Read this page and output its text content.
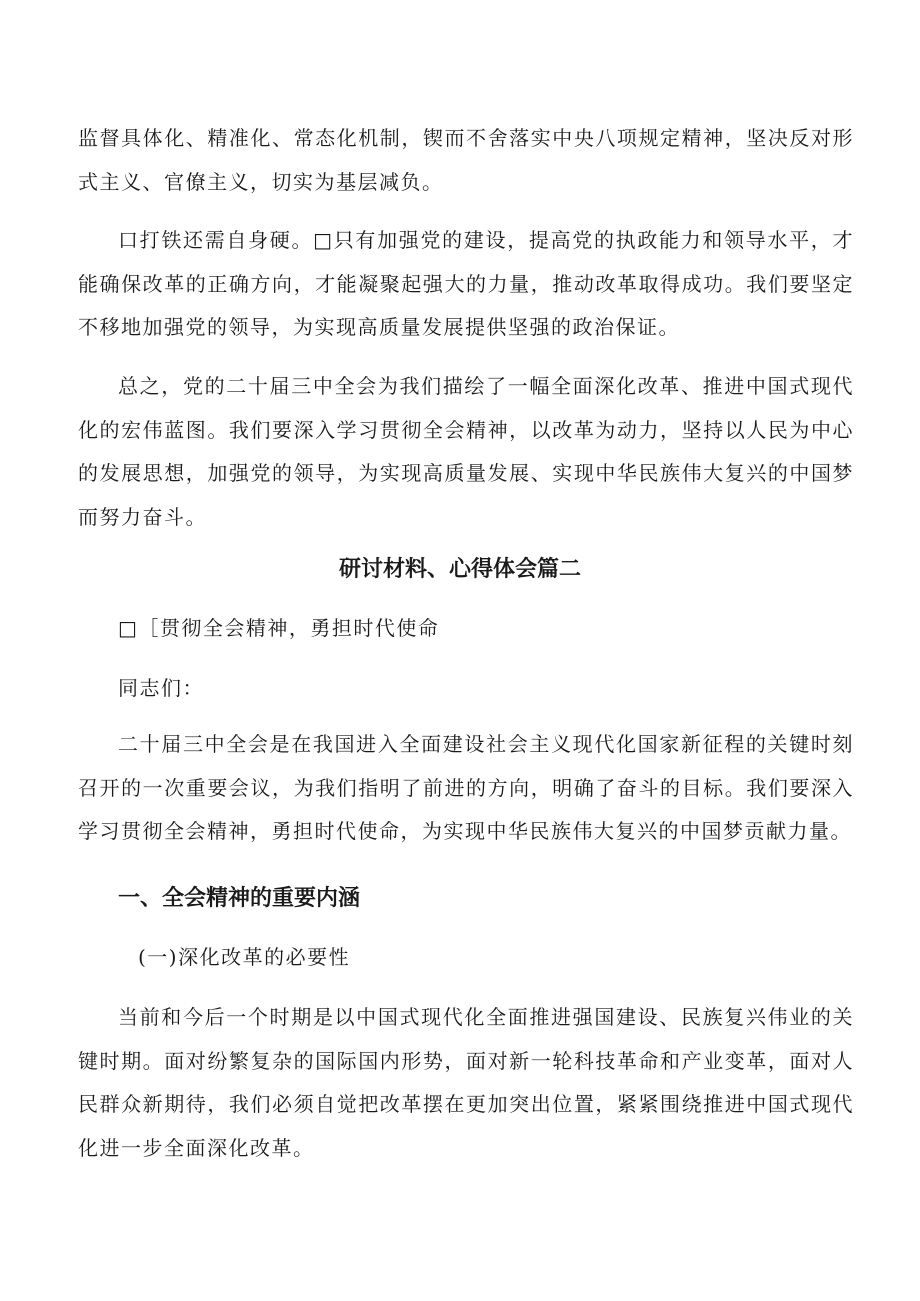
监督具体化、精准化、常态化机制，锲而不舍落实中央八项规定精神，坚决反对形式主义、官僚主义，切实为基层减负。

口打铁还需自身硬。□只有加强党的建设，提高党的执政能力和领导水平，才能确保改革的正确方向，才能凝聚起强大的力量，推动改革取得成功。我们要坚定不移地加强党的领导，为实现高质量发展提供坚强的政治保证。

总之，党的二十届三中全会为我们描绘了一幅全面深化改革、推进中国式现代化的宏伟蓝图。我们要深入学习贯彻全会精神，以改革为动力，坚持以人民为中心的发展思想，加强党的领导，为实现高质量发展、实现中华民族伟大复兴的中国梦而努力奋斗。

研讨材料、心得体会篇二

□［贯彻全会精神，勇担时代使命

同志们：

二十届三中全会是在我国进入全面建设社会主义现代化国家新征程的关键时刻召开的一次重要会议，为我们指明了前进的方向，明确了奋斗的目标。我们要深入学习贯彻全会精神，勇担时代使命，为实现中华民族伟大复兴的中国梦贡献力量。

一、全会精神的重要内涵

(一)深化改革的必要性

当前和今后一个时期是以中国式现代化全面推进强国建设、民族复兴伟业的关键时期。面对纷繁复杂的国际国内形势，面对新一轮科技革命和产业变革，面对人民群众新期待，我们必须自觉把改革摆在更加突出位置，紧紧围绕推进中国式现代化进一步全面深化改革。
